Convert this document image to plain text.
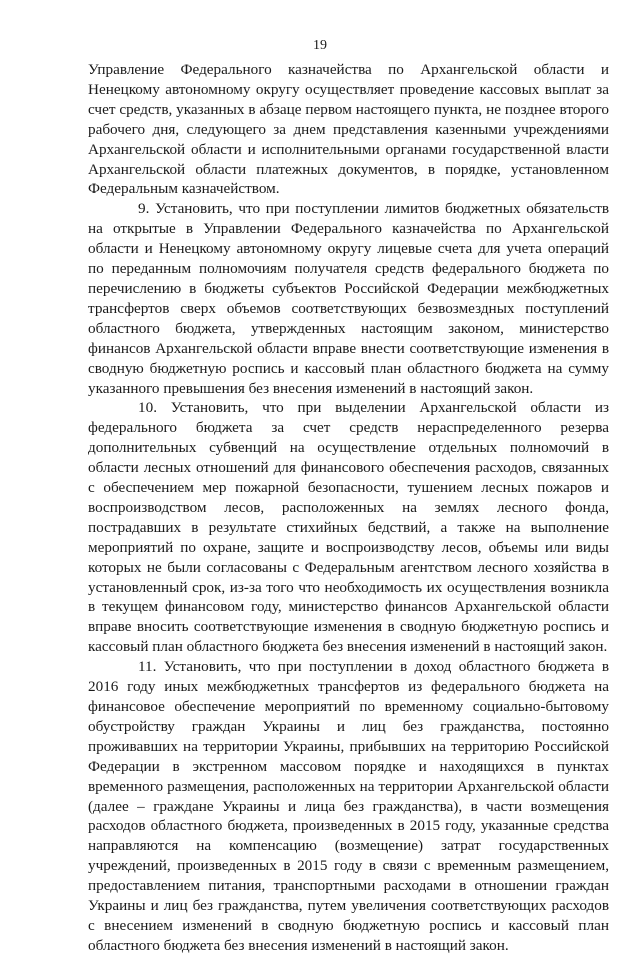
19

Управление Федерального казначейства по Архангельской области и Ненецкому автономному округу осуществляет проведение кассовых выплат за счет средств, указанных в абзаце первом настоящего пункта, не позднее второго рабочего дня, следующего за днем представления казенными учреждениями Архангельской области и исполнительными органами государственной власти Архангельской области платежных документов, в порядке, установленном Федеральным казначейством.

9. Установить, что при поступлении лимитов бюджетных обязательств на открытые в Управлении Федерального казначейства по Архангельской области и Ненецкому автономному округу лицевые счета для учета операций по переданным полномочиям получателя средств федерального бюджета по перечислению в бюджеты субъектов Российской Федерации межбюджетных трансфертов сверх объемов соответствующих безвозмездных поступлений областного бюджета, утвержденных настоящим законом, министерство финансов Архангельской области вправе внести соответствующие изменения в сводную бюджетную роспись и кассовый план областного бюджета на сумму указанного превышения без внесения изменений в настоящий закон.

10. Установить, что при выделении Архангельской области из федерального бюджета за счет средств нераспределенного резерва дополнительных субвенций на осуществление отдельных полномочий в области лесных отношений для финансового обеспечения расходов, связанных с обеспечением мер пожарной безопасности, тушением лесных пожаров и воспроизводством лесов, расположенных на землях лесного фонда, пострадавших в результате стихийных бедствий, а также на выполнение мероприятий по охране, защите и воспроизводству лесов, объемы или виды которых не были согласованы с Федеральным агентством лесного хозяйства в установленный срок, из-за того что необходимость их осуществления возникла в текущем финансовом году, министерство финансов Архангельской области вправе вносить соответствующие изменения в сводную бюджетную роспись и кассовый план областного бюджета без внесения изменений в настоящий закон.

11. Установить, что при поступлении в доход областного бюджета в 2016 году иных межбюджетных трансфертов из федерального бюджета на финансовое обеспечение мероприятий по временному социально-бытовому обустройству граждан Украины и лиц без гражданства, постоянно проживавших на территории Украины, прибывших на территорию Российской Федерации в экстренном массовом порядке и находящихся в пунктах временного размещения, расположенных на территории Архангельской области (далее – граждане Украины и лица без гражданства), в части возмещения расходов областного бюджета, произведенных в 2015 году, указанные средства направляются на компенсацию (возмещение) затрат государственных учреждений, произведенных в 2015 году в связи с временным размещением, предоставлением питания, транспортными расходами в отношении граждан Украины и лиц без гражданства, путем увеличения соответствующих расходов с внесением изменений в сводную бюджетную роспись и кассовый план областного бюджета без внесения изменений в настоящий закон.
